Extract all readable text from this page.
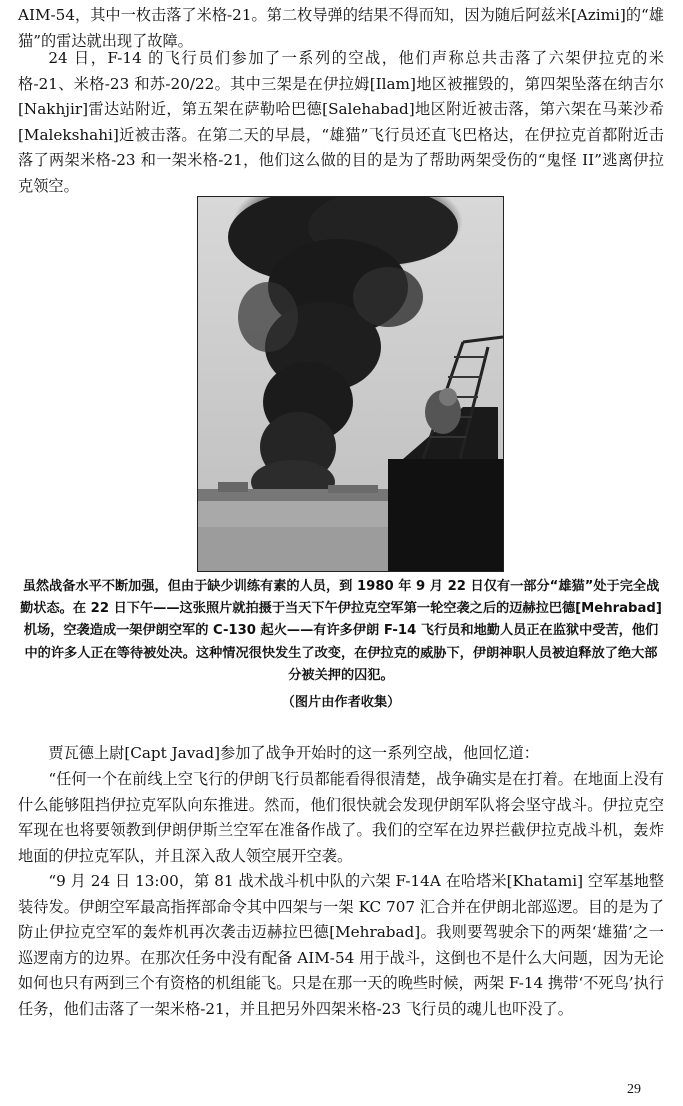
AIM-54，其中一枚击落了米格-21。第二枚导弹的结果不得而知，因为随后阿兹米[Azimi]的“雄猫”的雷达就出现了故障。

24 日，F-14 的飞行员们参加了一系列的空战，他们声称总共击落了六架伊拉克的米格-21、米格-23 和苏-20/22。其中三架是在伊拉姆[Ilam]地区被摧毁的，第四架坠落在纳吉尔[Nakhjir]雷达站附近，第五架在萨勒哈巴德[Salehabad]地区附近被击落，第六架在马莱沙希[Malekshahi]近被击落。在第二天的早晨，“雄猫”飞行员还直飞巴格达，在伊拉克首都附近击落了两架米格-23 和一架米格-21，他们这么做的目的是为了帮助两架受伤的“鬼怪 II”逃离伊拉克领空。

虽然战备水平不断加强，但由于缺少训练有素的人员，到 1980 年 9 月 22 日仅有一部分“雄猫”处于完全战勤状态。在 22 日下午——这张照片就拍摄于当天下午伊拉克空军第一轮空袭之后的迈赫拉巴德[Mehrabad]机场，空袭造成一架伊朗空军的 C-130 起火——有许多伊朗 F-14 飞行员和地勤人员正在监狱中受苦，他们中的许多人正在等待被处决。这种情况很快发生了改变，在伊拉克的威胁下，伊朗神职人员被迫释放了绝大部分被关押的囚犯。

（图片由作者收集）

贾瓦德上尉[Capt Javad]参加了战争开始时的这一系列空战，他回忆道：

“任何一个在前线上空飞行的伊朗飞行员都能看得很清楚，战争确实是在打着。在地面上没有什么能够阻挡伊拉克军队向东推进。然而，他们很快就会发现伊朗军队将会坚守战斗。伊拉克空军现在也将要领教到伊朗伊斯兰空军在准备作战了。我们的空军在边界拦截伊拉克战斗机，轰炸地面的伊拉克军队，并且深入敌人领空展开空袭。

“9 月 24 日 13:00，第 81 战术战斗机中队的六架 F-14A 在哈塔米[Khatami] 空军基地整装待发。伊朗空军最高指挥部命令其中四架与一架 KC 707 汇合并在伊朗北部巡逻。目的是为了防止伊拉克空军的轰炸机再次袭击迈赫拉巴德[Mehrabad]。我则要驾驶余下的两架‘雄猫’之一巡逻南方的边界。在那次任务中没有配备 AIM-54 用于战斗，这倒也不是什么大问题，因为无论如何也只有两到三个有资格的机组能飞。只是在那一天的晚些时候，两架 F-14 携带‘不死鸟’执行任务，他们击落了一架米格-21，并且把另外四架米格-23 飞行员的魂儿也吓没了。

29
